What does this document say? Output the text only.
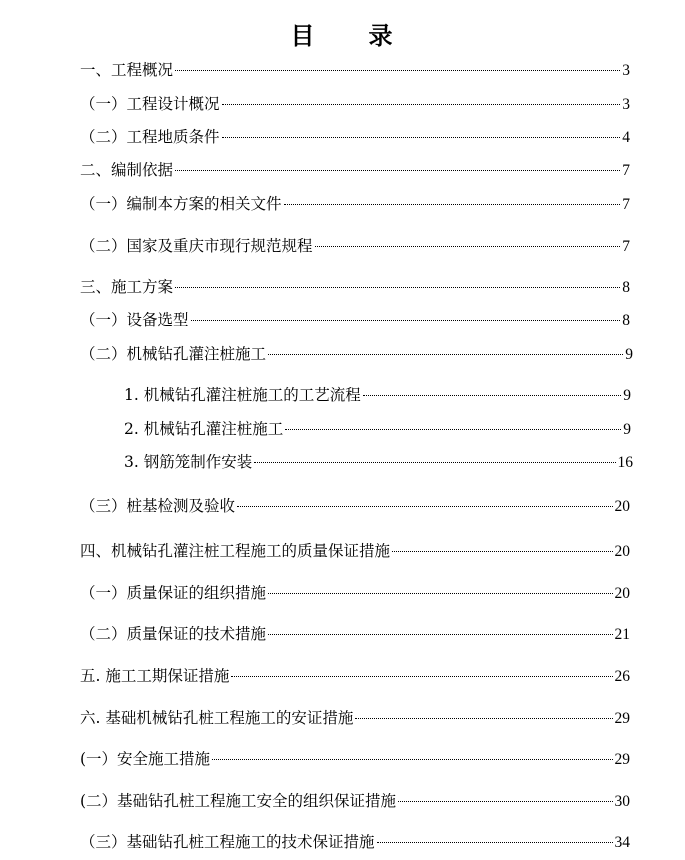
目　　录
一、工程概况	3
（一）工程设计概况	3
（二）工程地质条件	4
二、编制依据	7
（一）编制本方案的相关文件	7
（二）国家及重庆市现行规范规程	7
三、施工方案	8
（一）设备选型	8
（二）机械钻孔灌注桩施工	9
1. 机械钻孔灌注桩施工的工艺流程	9
2. 机械钻孔灌注桩施工	9
3. 钢筋笼制作安装	16
（三）桩基检测及验收	20
四、机械钻孔灌注桩工程施工的质量保证措施	20
（一）质量保证的组织措施	20
（二）质量保证的技术措施	21
五. 施工工期保证措施	26
六. 基础机械钻孔桩工程施工的安证措施	29
(一）安全施工措施	29
(二）基础钻孔桩工程施工安全的组织保证措施	30
（三）基础钻孔桩工程施工的技术保证措施	34
